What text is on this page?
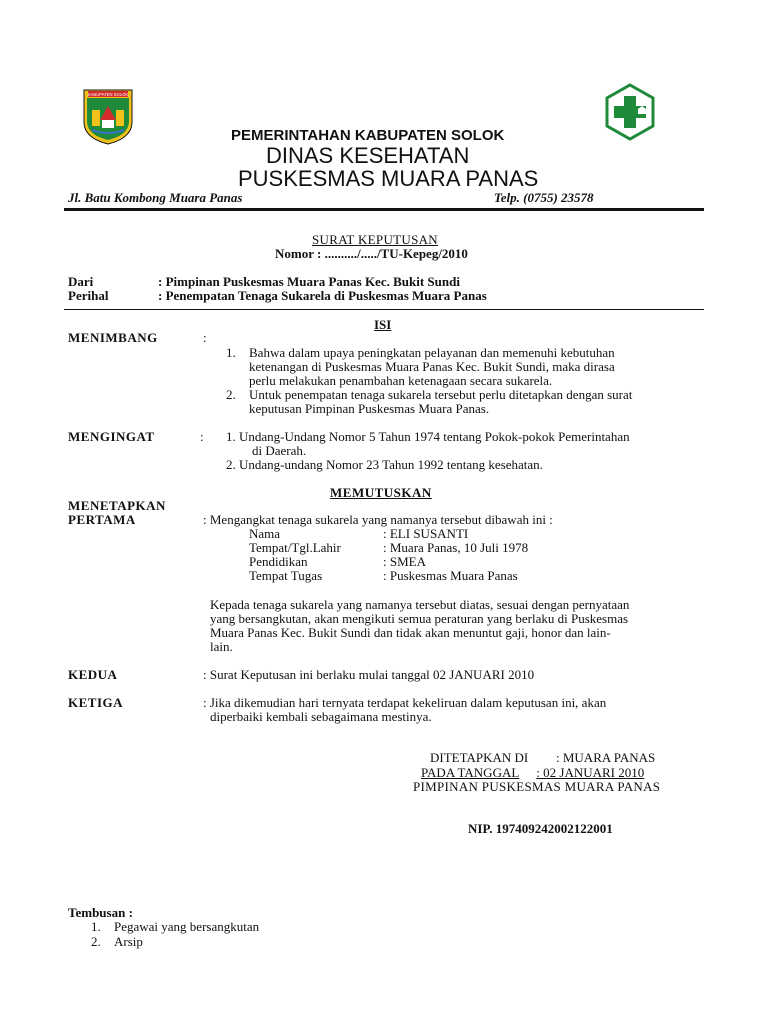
KABUPATEN SOLOK
PEMERINTAHAN KABUPATEN SOLOK
DINAS KESEHATAN
PUSKESMAS MUARA PANAS
Jl. Batu Kombong Muara Panas	Telp. (0755) 23578
SURAT KEPUTUSAN
Nomor : ........../...../TU-Kepeg/2010
Dari	: Pimpinan Puskesmas Muara Panas Kec. Bukit Sundi
Perihal	: Penempatan Tenaga Sukarela di Puskesmas Muara Panas
ISI
MENIMBANG	:
1. Bahwa dalam upaya peningkatan pelayanan dan memenuhi kebutuhan
ketenangan di Puskesmas Muara Panas Kec. Bukit Sundi, maka dirasa
perlu melakukan penambahan ketenagaan secara sukarela.
2. Untuk penempatan tenaga sukarela tersebut perlu ditetapkan dengan surat
keputusan Pimpinan Puskesmas Muara Panas.
MENGINGAT	: 1. Undang-Undang Nomor 5 Tahun 1974 tentang Pokok-pokok Pemerintahan
di Daerah.
2. Undang-undang Nomor 23 Tahun 1992 tentang kesehatan.
MEMUTUSKAN
MENETAPKAN
PERTAMA	: Mengangkat tenaga sukarela yang namanya tersebut dibawah ini :
Nama	: ELI SUSANTI
Tempat/Tgl.Lahir	: Muara Panas, 10 Juli 1978
Pendidikan	: SMEA
Tempat Tugas	: Puskesmas Muara Panas
Kepada tenaga sukarela yang namanya tersebut diatas, sesuai dengan pernyataan
yang bersangkutan, akan mengikuti semua peraturan yang berlaku di Puskesmas
Muara Panas Kec. Bukit Sundi dan tidak akan menuntut gaji, honor dan lain-
lain.
KEDUA	: Surat Keputusan ini berlaku mulai tanggal 02 JANUARI 2010
KETIGA	: Jika dikemudian hari ternyata terdapat kekeliruan dalam keputusan ini, akan
diperbaiki kembali sebagaimana mestinya.
DITETAPKAN DI : MUARA PANAS
PADA TANGGAL : 02 JANUARI 2010
PIMPINAN PUSKESMAS MUARA PANAS
NIP. 197409242002122001
Tembusan :
1. Pegawai yang bersangkutan
2. Arsip
